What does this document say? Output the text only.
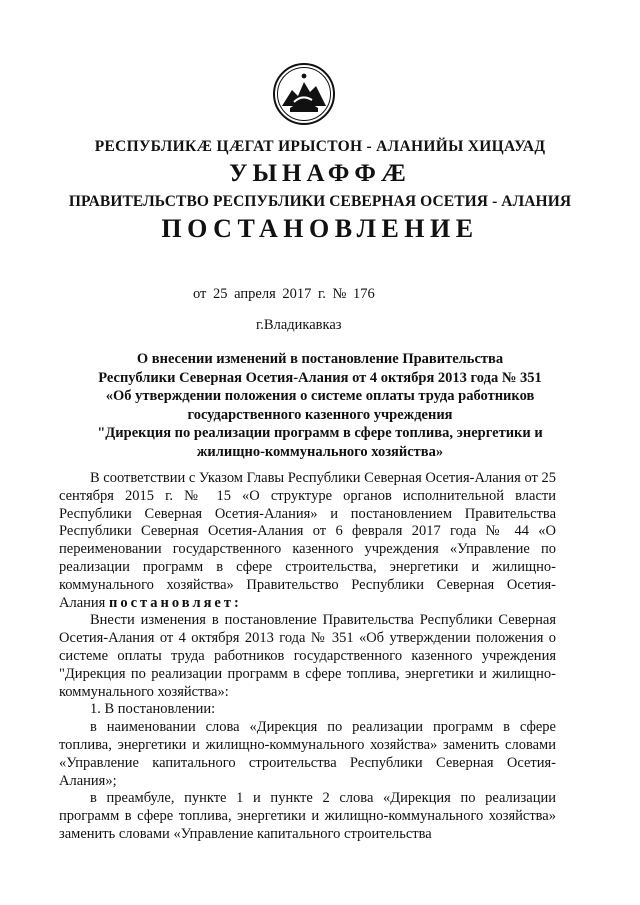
РЕСПУБЛИКÆ ЦÆГАТ ИРЫСТОН - АЛАНИЙЫ ХИЦАУАД
УЫНАФФÆ
ПРАВИТЕЛЬСТВО РЕСПУБЛИКИ СЕВЕРНАЯ ОСЕТИЯ - АЛАНИЯ
ПОСТАНОВЛЕНИЕ
от 25 апреля 2017 г. № 176
г.Владикавказ
О внесении изменений в постановление Правительства
Республики Северная Осетия-Алания от 4 октября 2013 года № 351
«Об утверждении положения о системе оплаты труда работников
государственного казенного учреждения
"Дирекция по реализации программ в сфере топлива, энергетики и
жилищно-коммунального хозяйства»

В соответствии с Указом Главы Республики Северная Осетия-Алания от 25 сентября 2015 г. № 15 «О структуре органов исполнительной власти Республики Северная Осетия-Алания» и постановлением Правительства Республики Северная Осетия-Алания от 6 февраля 2017 года № 44 «О переименовании государственного казенного учреждения «Управление по реализации программ в сфере строительства, энергетики и жилищно-коммунального хозяйства» Правительство Республики Северная Осетия-Алания постановляет:

Внести изменения в постановление Правительства Республики Северная Осетия-Алания от 4 октября 2013 года № 351 «Об утверждении положения о системе оплаты труда работников государственного казенного учреждения "Дирекция по реализации программ в сфере топлива, энергетики и жилищно-коммунального хозяйства»:

1. В постановлении:

в наименовании слова «Дирекция по реализации программ в сфере топлива, энергетики и жилищно-коммунального хозяйства» заменить словами «Управление капитального строительства Республики Северная Осетия-Алания»;

в преамбуле, пункте 1 и пункте 2 слова «Дирекция по реализации программ в сфере топлива, энергетики и жилищно-коммунального хозяйства» заменить словами «Управление капитального строительства
